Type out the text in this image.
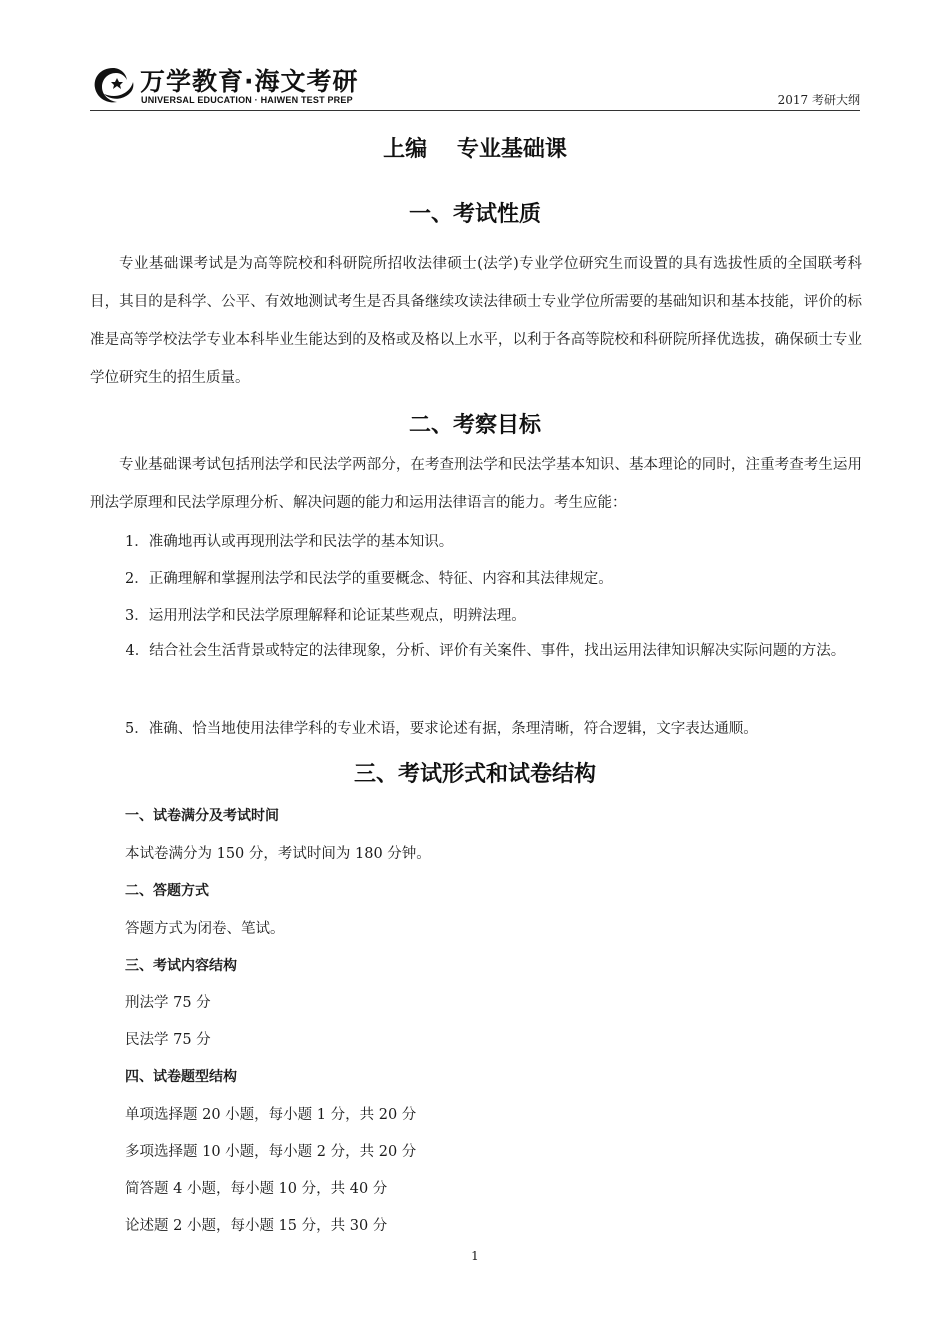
万学教育·海文考研
UNIVERSAL EDUCATION · HAIWEN TEST PREP	2017 考研大纲
上编　 专业基础课
一、考试性质

专业基础课考试是为高等院校和科研院所招收法律硕士(法学)专业学位研究生而设置的具有选拔性质的全国联考科目，其目的是科学、公平、有效地测试考生是否具备继续攻读法律硕士专业学位所需要的基础知识和基本技能，评价的标准是高等学校法学专业本科毕业生能达到的及格或及格以上水平，以利于各高等院校和科研院所择优选拔，确保硕士专业学位研究生的招生质量。

二、考察目标

专业基础课考试包括刑法学和民法学两部分，在考查刑法学和民法学基本知识、基本理论的同时，注重考查考生运用刑法学原理和民法学原理分析、解决问题的能力和运用法律语言的能力。考生应能：

1．准确地再认或再现刑法学和民法学的基本知识。

2．正确理解和掌握刑法学和民法学的重要概念、特征、内容和其法律规定。

3．运用刑法学和民法学原理解释和论证某些观点，明辨法理。

4．结合社会生活背景或特定的法律现象，分析、评价有关案件、事件，找出运用法律知识解决实际问题的方法。

5．准确、恰当地使用法律学科的专业术语，要求论述有据，条理清晰，符合逻辑，文字表达通顺。

三、考试形式和试卷结构
一、试卷满分及考试时间

本试卷满分为 150 分，考试时间为 180 分钟。

二、答题方式

答题方式为闭卷、笔试。

三、考试内容结构

刑法学 75 分

民法学 75 分

四、试卷题型结构

单项选择题 20 小题，每小题 1 分，共 20 分

多项选择题 10 小题，每小题 2 分，共 20 分

简答题 4 小题，每小题 10 分，共 40 分

论述题 2 小题，每小题 15 分，共 30 分

1
